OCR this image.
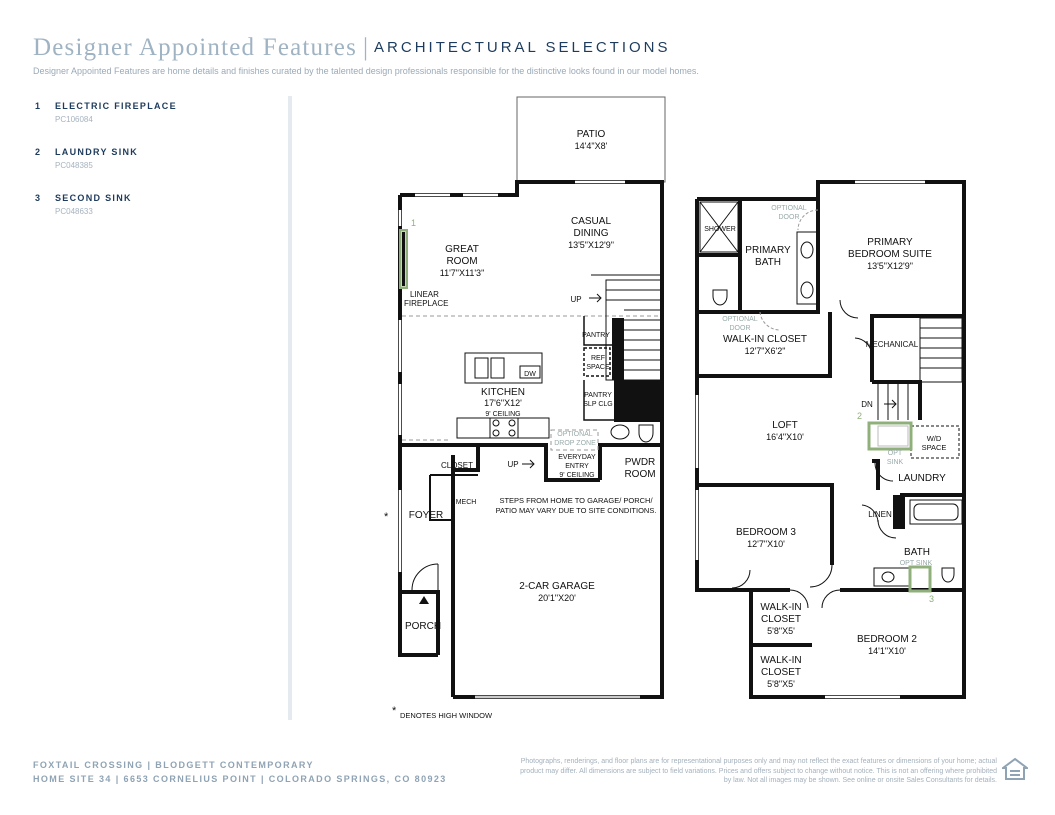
Designer Appointed Features | ARCHITECTURAL SELECTIONS
Designer Appointed Features are home details and finishes curated by the talented design professionals responsible for the distinctive looks found in our model homes.
1 ELECTRIC FIREPLACE
PC106084
2 LAUNDRY SINK
PC048385
3 SECOND SINK
PC048633
1
PATIO
14'4"X8'
CASUAL
DINING
13'5"X12'9"
GREAT
ROOM
11'7"X11'3"
KITCHEN
17'6"X12'
9' CEILING
DW
UP
UP
PANTRY
REF
SPACE
PANTRY
SLP CLG
OPTIONAL
DROP ZONE
EVERYDAY
ENTRY
9' CEILING
PWDR
ROOM
CLOSET
MECH
FOYER
STEPS FROM HOME TO GARAGE/ PORCH/
PATIO MAY VARY DUE TO SITE CONDITIONS.
2-CAR GARAGE
20'1"X20'
PORCH
LINEAR
FIREPLACE
*
* DENOTES HIGH WINDOW
2
3
SHOWER
OPTIONAL
DOOR
PRIMARY
BATH
PRIMARY
BEDROOM SUITE
13'5"X12'9"
OPTIONAL
DOOR
WALK-IN CLOSET
12'7"X6'2"
MECHANICAL
DN
LOFT
16'4"X10'	W/D
SPACE
OPT
SINK
LAUNDRY
LINEN
BEDROOM 3
12'7"X10'
BATH
OPT SINK
WALK-IN
CLOSET
5'8"X5'
WALK-IN
CLOSET
5'8"X5'
BEDROOM 2
14'1"X10'
FOXTAIL CROSSING | BLODGETT CONTEMPORARY
HOME SITE 34 | 6653 CORNELIUS POINT | COLORADO SPRINGS, CO 80923
Photographs, renderings, and floor plans are for representational purposes only and may not reflect the exact features or dimensions of your home; actual product may differ. All dimensions are subject to field variations. Prices and offers subject to change without notice. This is not an offering where prohibited by law. Not all images may be shown. See online or onsite Sales Consultants for details.
